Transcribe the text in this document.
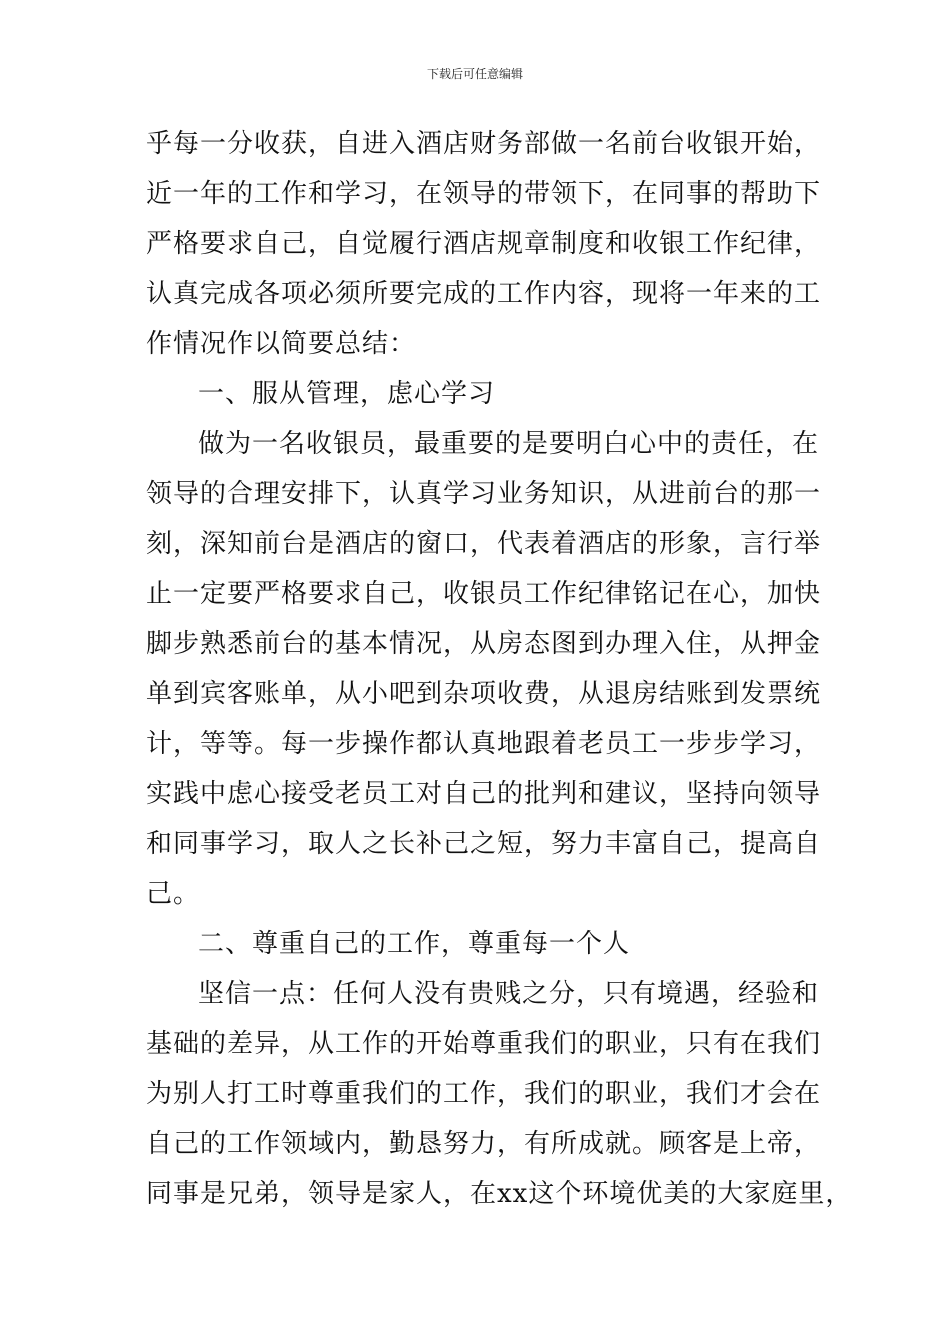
下载后可任意编辑
乎每一分收获，自进入酒店财务部做一名前台收银开始，
近一年的工作和学习，在领导的带领下，在同事的帮助下
严格要求自己，自觉履行酒店规章制度和收银工作纪律，
认真完成各项必须所要完成的工作内容，现将一年来的工
作情况作以简要总结：
一、服从管理，虑心学习
做为一名收银员，最重要的是要明白心中的责任，在
领导的合理安排下，认真学习业务知识，从进前台的那一
刻，深知前台是酒店的窗口，代表着酒店的形象，言行举
止一定要严格要求自己，收银员工作纪律铭记在心，加快
脚步熟悉前台的基本情况，从房态图到办理入住，从押金
单到宾客账单，从小吧到杂项收费，从退房结账到发票统
计，等等。每一步操作都认真地跟着老员工一步步学习，
实践中虑心接受老员工对自己的批判和建议，坚持向领导
和同事学习，取人之长补己之短，努力丰富自己，提高自
己。
二、尊重自己的工作，尊重每一个人
坚信一点：任何人没有贵贱之分，只有境遇，经验和
基础的差异，从工作的开始尊重我们的职业，只有在我们
为别人打工时尊重我们的工作，我们的职业，我们才会在
自己的工作领域内，勤恳努力，有所成就。顾客是上帝，
同事是兄弟，领导是家人，在xx这个环境优美的大家庭里，
